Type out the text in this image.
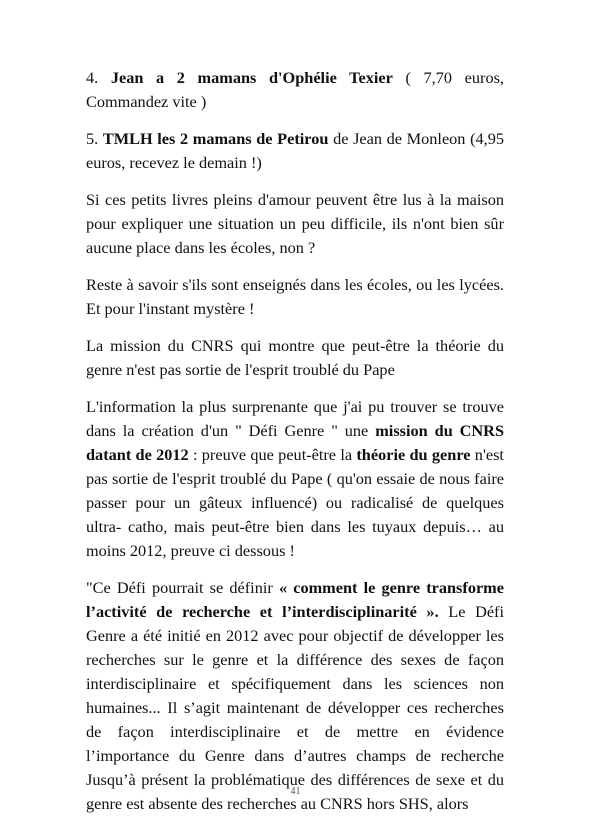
4. Jean a 2 mamans d'Ophélie Texier ( 7,70 euros, Commandez vite )

5. TMLH les 2 mamans de Petirou de Jean de Monleon (4,95 euros, recevez le demain !)

Si ces petits livres pleins d'amour peuvent être lus à la maison pour expliquer une situation un peu difficile, ils n'ont bien sûr aucune place dans les écoles, non ?

Reste à savoir s'ils sont enseignés dans les écoles, ou les lycées. Et pour l'instant mystère !

La mission du CNRS qui montre que peut-être la théorie du genre n'est pas sortie de l'esprit troublé du Pape

L'information la plus surprenante que j'ai pu trouver se trouve dans la création d'un " Défi Genre " une mission du CNRS datant de 2012 : preuve que peut-être la théorie du genre n'est pas sortie de l'esprit troublé du Pape ( qu'on essaie de nous faire passer pour un gâteux influencé) ou radicalisé de quelques ultra- catho, mais peut-être bien dans les tuyaux depuis… au moins 2012, preuve ci dessous !

"Ce Défi pourrait se définir « comment le genre transforme l’activité de recherche et l’interdisciplinarité ». Le Défi Genre a été initié en 2012 avec pour objectif de développer les recherches sur le genre et la différence des sexes de façon interdisciplinaire et spécifiquement dans les sciences non humaines... Il s’agit maintenant de développer ces recherches de façon interdisciplinaire et de mettre en évidence l’importance du Genre dans d’autres champs de recherche Jusqu’à présent la problématique des différences de sexe et du genre est absente des recherches au CNRS hors SHS, alors

41
